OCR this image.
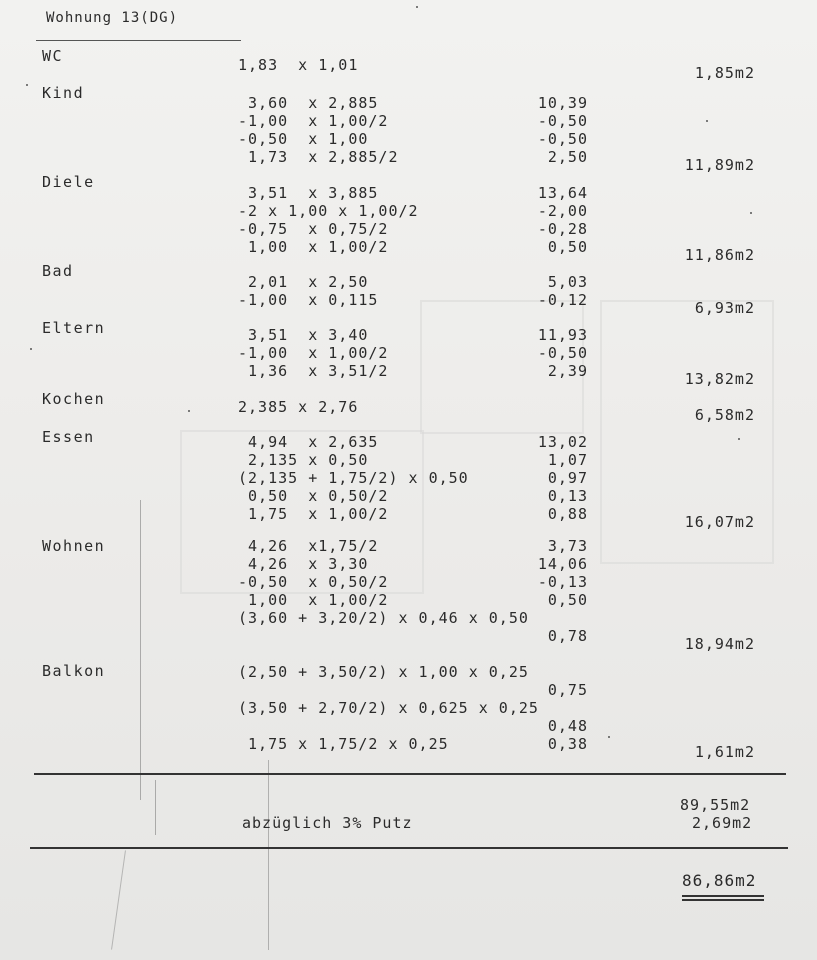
Wohnung 13(DG)
WC	1,83  x 1,01	1,85m2
Kind
3,60  x 2,885	10,39
-1,00  x 1,00/2	-0,50
-0,50  x 1,00	-0,50
1,73  x 2,885/2	2,50	11,89m2
Diele
3,51  x 3,885	13,64
-2 x 1,00 x 1,00/2	-2,00
-0,75  x 0,75/2	-0,28
1,00  x 1,00/2	0,50	11,86m2
Bad
2,01  x 2,50	5,03
-1,00  x 0,115	-0,12	6,93m2
Eltern	3,51  x 3,40	11,93
-1,00  x 1,00/2	-0,50
1,36  x 3,51/2	2,39	13,82m2
Kochen	2,385 x 2,76	6,58m2
Essen	4,94  x 2,635	13,02
2,135 x 0,50	1,07
(2,135 + 1,75/2) x 0,50	0,97
0,50  x 0,50/2	0,13
1,75  x 1,00/2	0,88	16,07m2
Wohnen	4,26  x1,75/2	3,73
4,26  x 3,30	14,06
-0,50  x 0,50/2	-0,13
1,00  x 1,00/2	0,50
(3,60 + 3,20/2) x 0,46 x 0,50
0,78	18,94m2
Balkon	(2,50 + 3,50/2) x 1,00 x 0,25
0,75
(3,50 + 2,70/2) x 0,625 x 0,25
0,48
1,75 x 1,75/2 x 0,25	0,38	1,61m2
89,55m2
abzüglich 3% Putz	2,69m2
86,86m2
